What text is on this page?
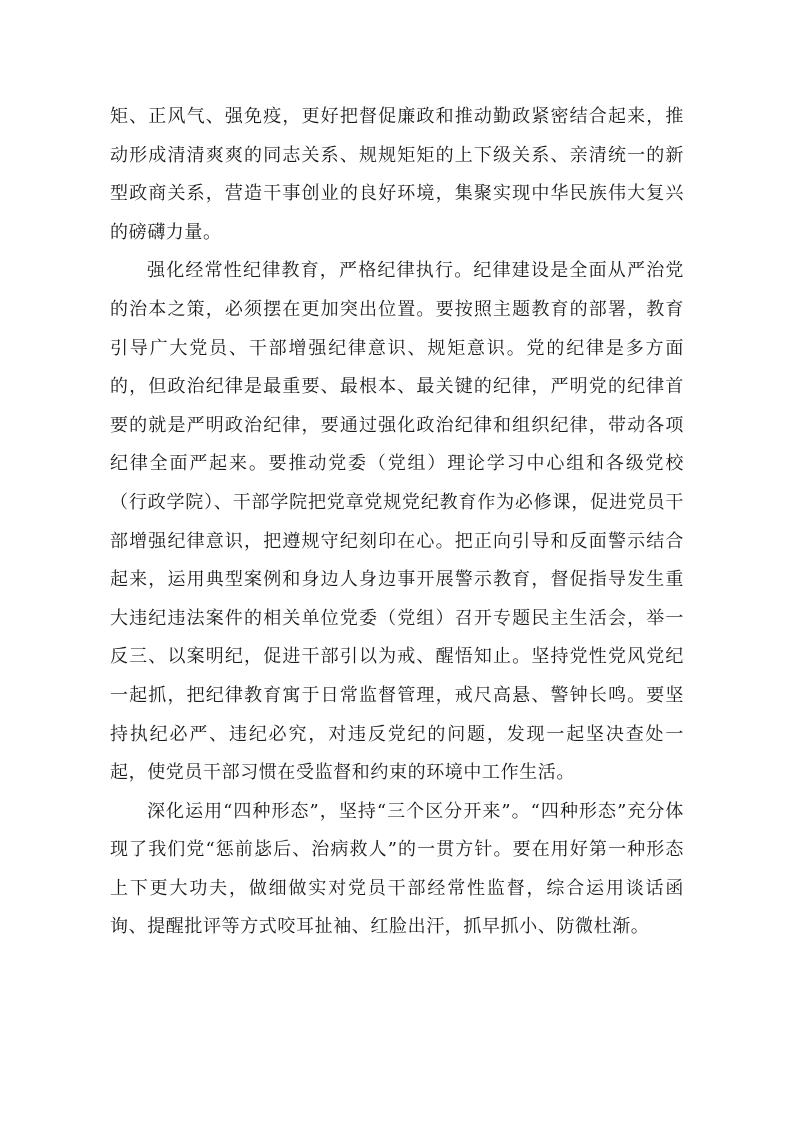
矩、正风气、强免疫，更好把督促廉政和推动勤政紧密结合起来，推动形成清清爽爽的同志关系、规规矩矩的上下级关系、亲清统一的新型政商关系，营造干事创业的良好环境，集聚实现中华民族伟大复兴的磅礴力量。

强化经常性纪律教育，严格纪律执行。纪律建设是全面从严治党的治本之策，必须摆在更加突出位置。要按照主题教育的部署，教育引导广大党员、干部增强纪律意识、规矩意识。党的纪律是多方面的，但政治纪律是最重要、最根本、最关键的纪律，严明党的纪律首要的就是严明政治纪律，要通过强化政治纪律和组织纪律，带动各项纪律全面严起来。要推动党委（党组）理论学习中心组和各级党校（行政学院）、干部学院把党章党规党纪教育作为必修课，促进党员干部增强纪律意识，把遵规守纪刻印在心。把正向引导和反面警示结合起来，运用典型案例和身边人身边事开展警示教育，督促指导发生重大违纪违法案件的相关单位党委（党组）召开专题民主生活会，举一反三、以案明纪，促进干部引以为戒、醒悟知止。坚持党性党风党纪一起抓，把纪律教育寓于日常监督管理，戒尺高悬、警钟长鸣。要坚持执纪必严、违纪必究，对违反党纪的问题，发现一起坚决查处一起，使党员干部习惯在受监督和约束的环境中工作生活。

深化运用“四种形态”，坚持“三个区分开来”。“四种形态”充分体现了我们党“惩前毖后、治病救人”的一贯方针。要在用好第一种形态上下更大功夫，做细做实对党员干部经常性监督，综合运用谈话函询、提醒批评等方式咬耳扯袖、红脸出汗，抓早抓小、防微杜渐。
